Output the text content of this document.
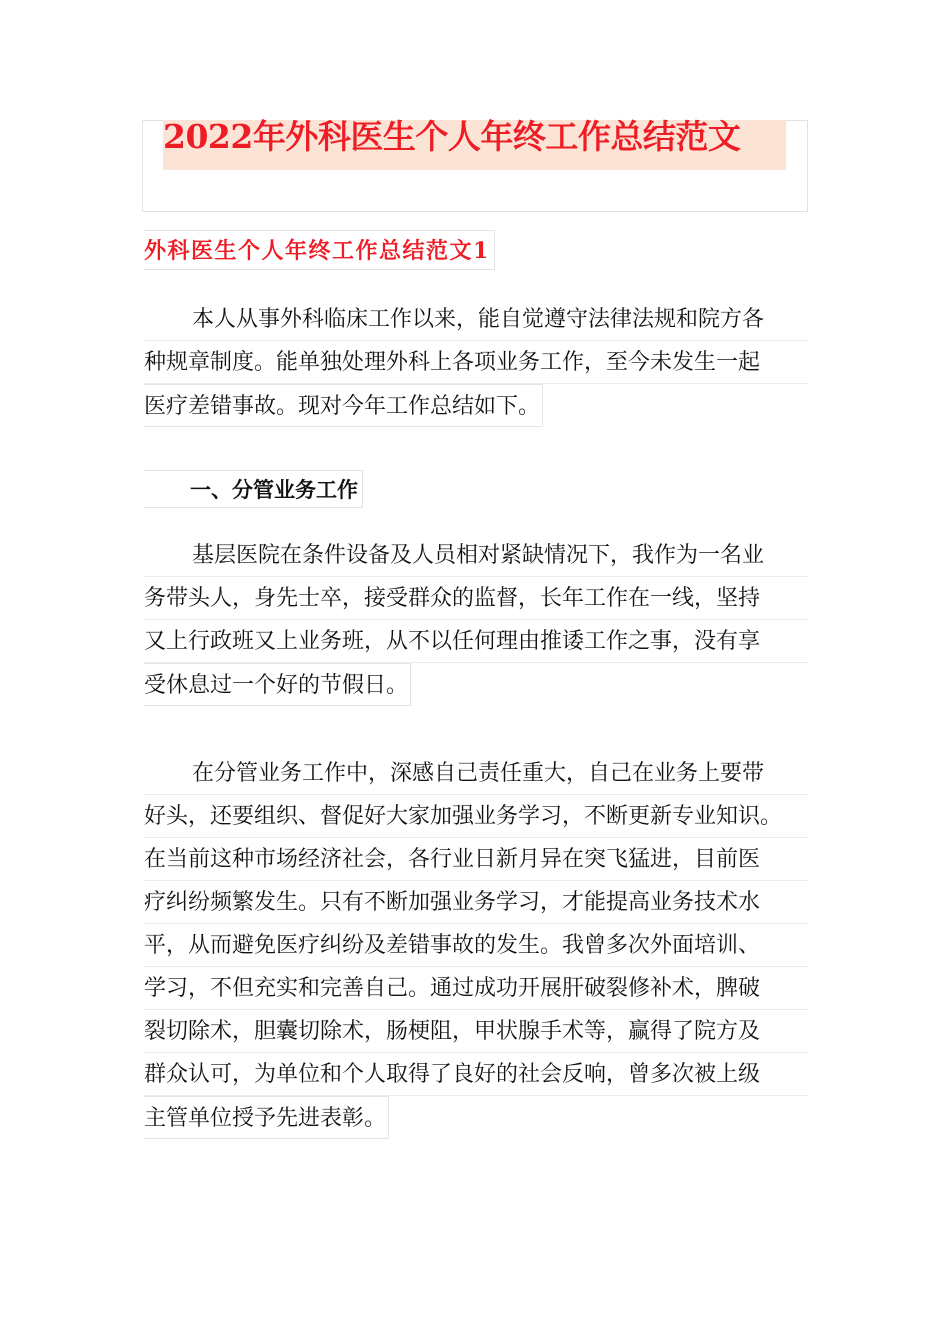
2022年外科医生个人年终工作总结范文
外科医生个人年终工作总结范文1
本人从事外科临床工作以来，能自觉遵守法律法规和院方各
种规章制度。能单独处理外科上各项业务工作，至今未发生一起
医疗差错事故。现对今年工作总结如下。
一、分管业务工作
基层医院在条件设备及人员相对紧缺情况下，我作为一名业
务带头人，身先士卒，接受群众的监督，长年工作在一线，坚持
又上行政班又上业务班，从不以任何理由推诿工作之事，没有享
受休息过一个好的节假日。
在分管业务工作中，深感自己责任重大，自己在业务上要带
好头，还要组织、督促好大家加强业务学习，不断更新专业知识。
在当前这种市场经济社会，各行业日新月异在突飞猛进，目前医
疗纠纷频繁发生。只有不断加强业务学习，才能提高业务技术水
平，从而避免医疗纠纷及差错事故的发生。我曾多次外面培训、
学习，不但充实和完善自己。通过成功开展肝破裂修补术，脾破
裂切除术，胆囊切除术，肠梗阻，甲状腺手术等，赢得了院方及
群众认可，为单位和个人取得了良好的社会反响，曾多次被上级
主管单位授予先进表彰。
